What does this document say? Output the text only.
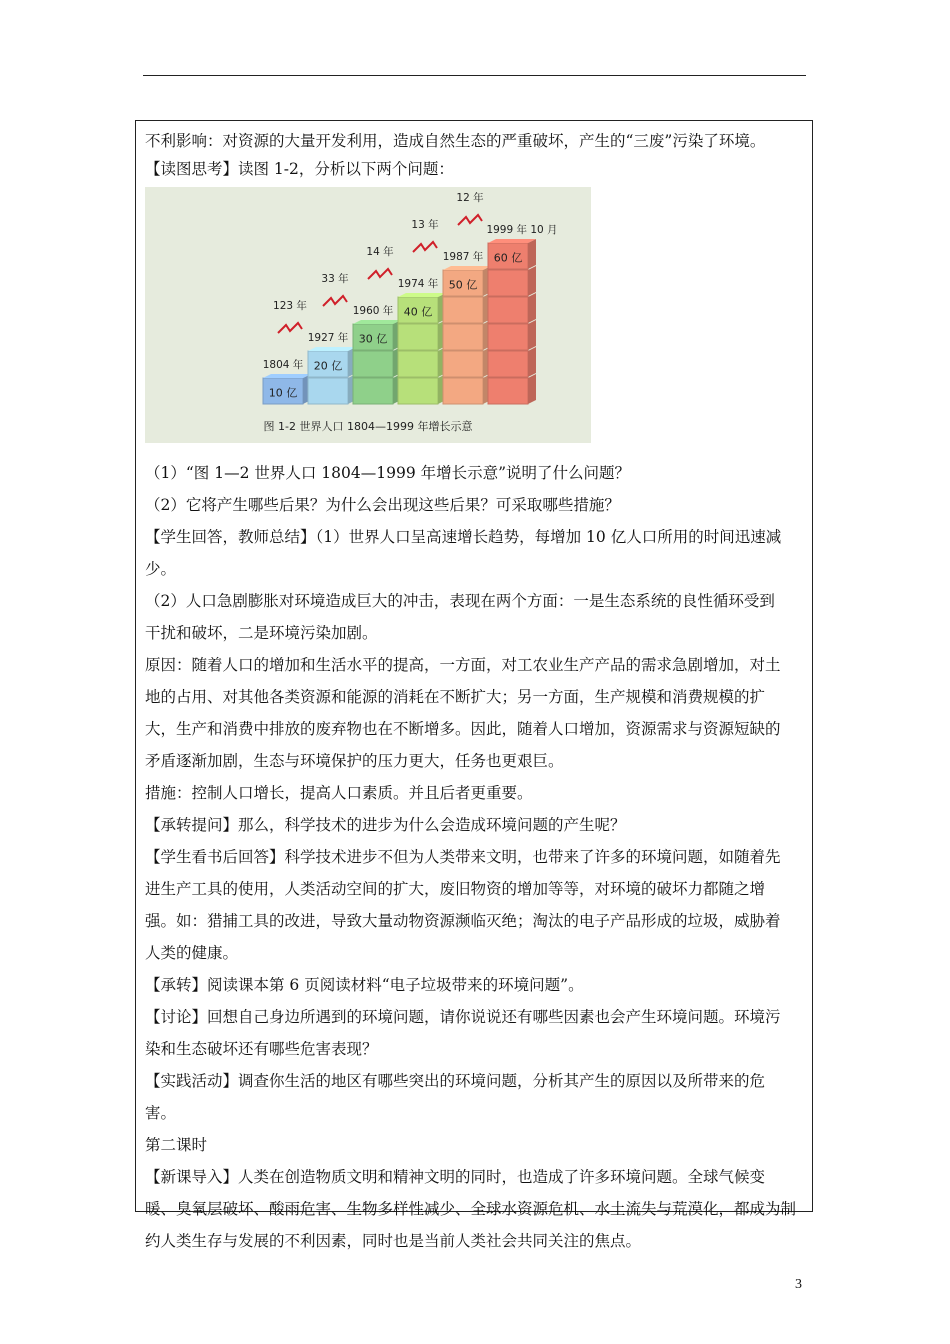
不利影响：对资源的大量开发利用，造成自然生态的严重破坏，产生的“三废”污染了环境。
【读图思考】读图 1-2，分析以下两个问题：
10 亿
1804 年 20 亿
1927 年
123 年
30 亿
1960 年
33 年
40 亿
1974 年
14 年
50 亿
1987 年
13 年
60 亿
1999 年 10 月
12 年
图 1-2 世界人口 1804—1999 年增长示意
（1）“图 1—2 世界人口 1804—1999 年增长示意”说明了什么问题？
（2）它将产生哪些后果？为什么会出现这些后果？可采取哪些措施？
【学生回答，教师总结】（1）世界人口呈高速增长趋势，每增加 10 亿人口所用的时间迅速减
少。
（2）人口急剧膨胀对环境造成巨大的冲击，表现在两个方面：一是生态系统的良性循环受到
干扰和破坏，二是环境污染加剧。
原因：随着人口的增加和生活水平的提高，一方面，对工农业生产产品的需求急剧增加，对土
地的占用、对其他各类资源和能源的消耗在不断扩大；另一方面，生产规模和消费规模的扩
大，生产和消费中排放的废弃物也在不断增多。因此，随着人口增加，资源需求与资源短缺的
矛盾逐渐加剧，生态与环境保护的压力更大，任务也更艰巨。
措施：控制人口增长，提高人口素质。并且后者更重要。
【承转提问】那么，科学技术的进步为什么会造成环境问题的产生呢？
【学生看书后回答】科学技术进步不但为人类带来文明，也带来了许多的环境问题，如随着先
进生产工具的使用，人类活动空间的扩大，废旧物资的增加等等，对环境的破坏力都随之增
强。如：猎捕工具的改进，导致大量动物资源濒临灭绝；淘汰的电子产品形成的垃圾，威胁着
人类的健康。
【承转】阅读课本第 6 页阅读材料“电子垃圾带来的环境问题”。
【讨论】回想自己身边所遇到的环境问题，请你说说还有哪些因素也会产生环境问题。环境污
染和生态破坏还有哪些危害表现？
【实践活动】调查你生活的地区有哪些突出的环境问题，分析其产生的原因以及所带来的危
害。
第二课时
【新课导入】人类在创造物质文明和精神文明的同时，也造成了许多环境问题。全球气候变
暖、臭氧层破坏、酸雨危害、生物多样性减少、全球水资源危机、水土流失与荒漠化，都成为制
约人类生存与发展的不利因素，同时也是当前人类社会共同关注的焦点。
3
